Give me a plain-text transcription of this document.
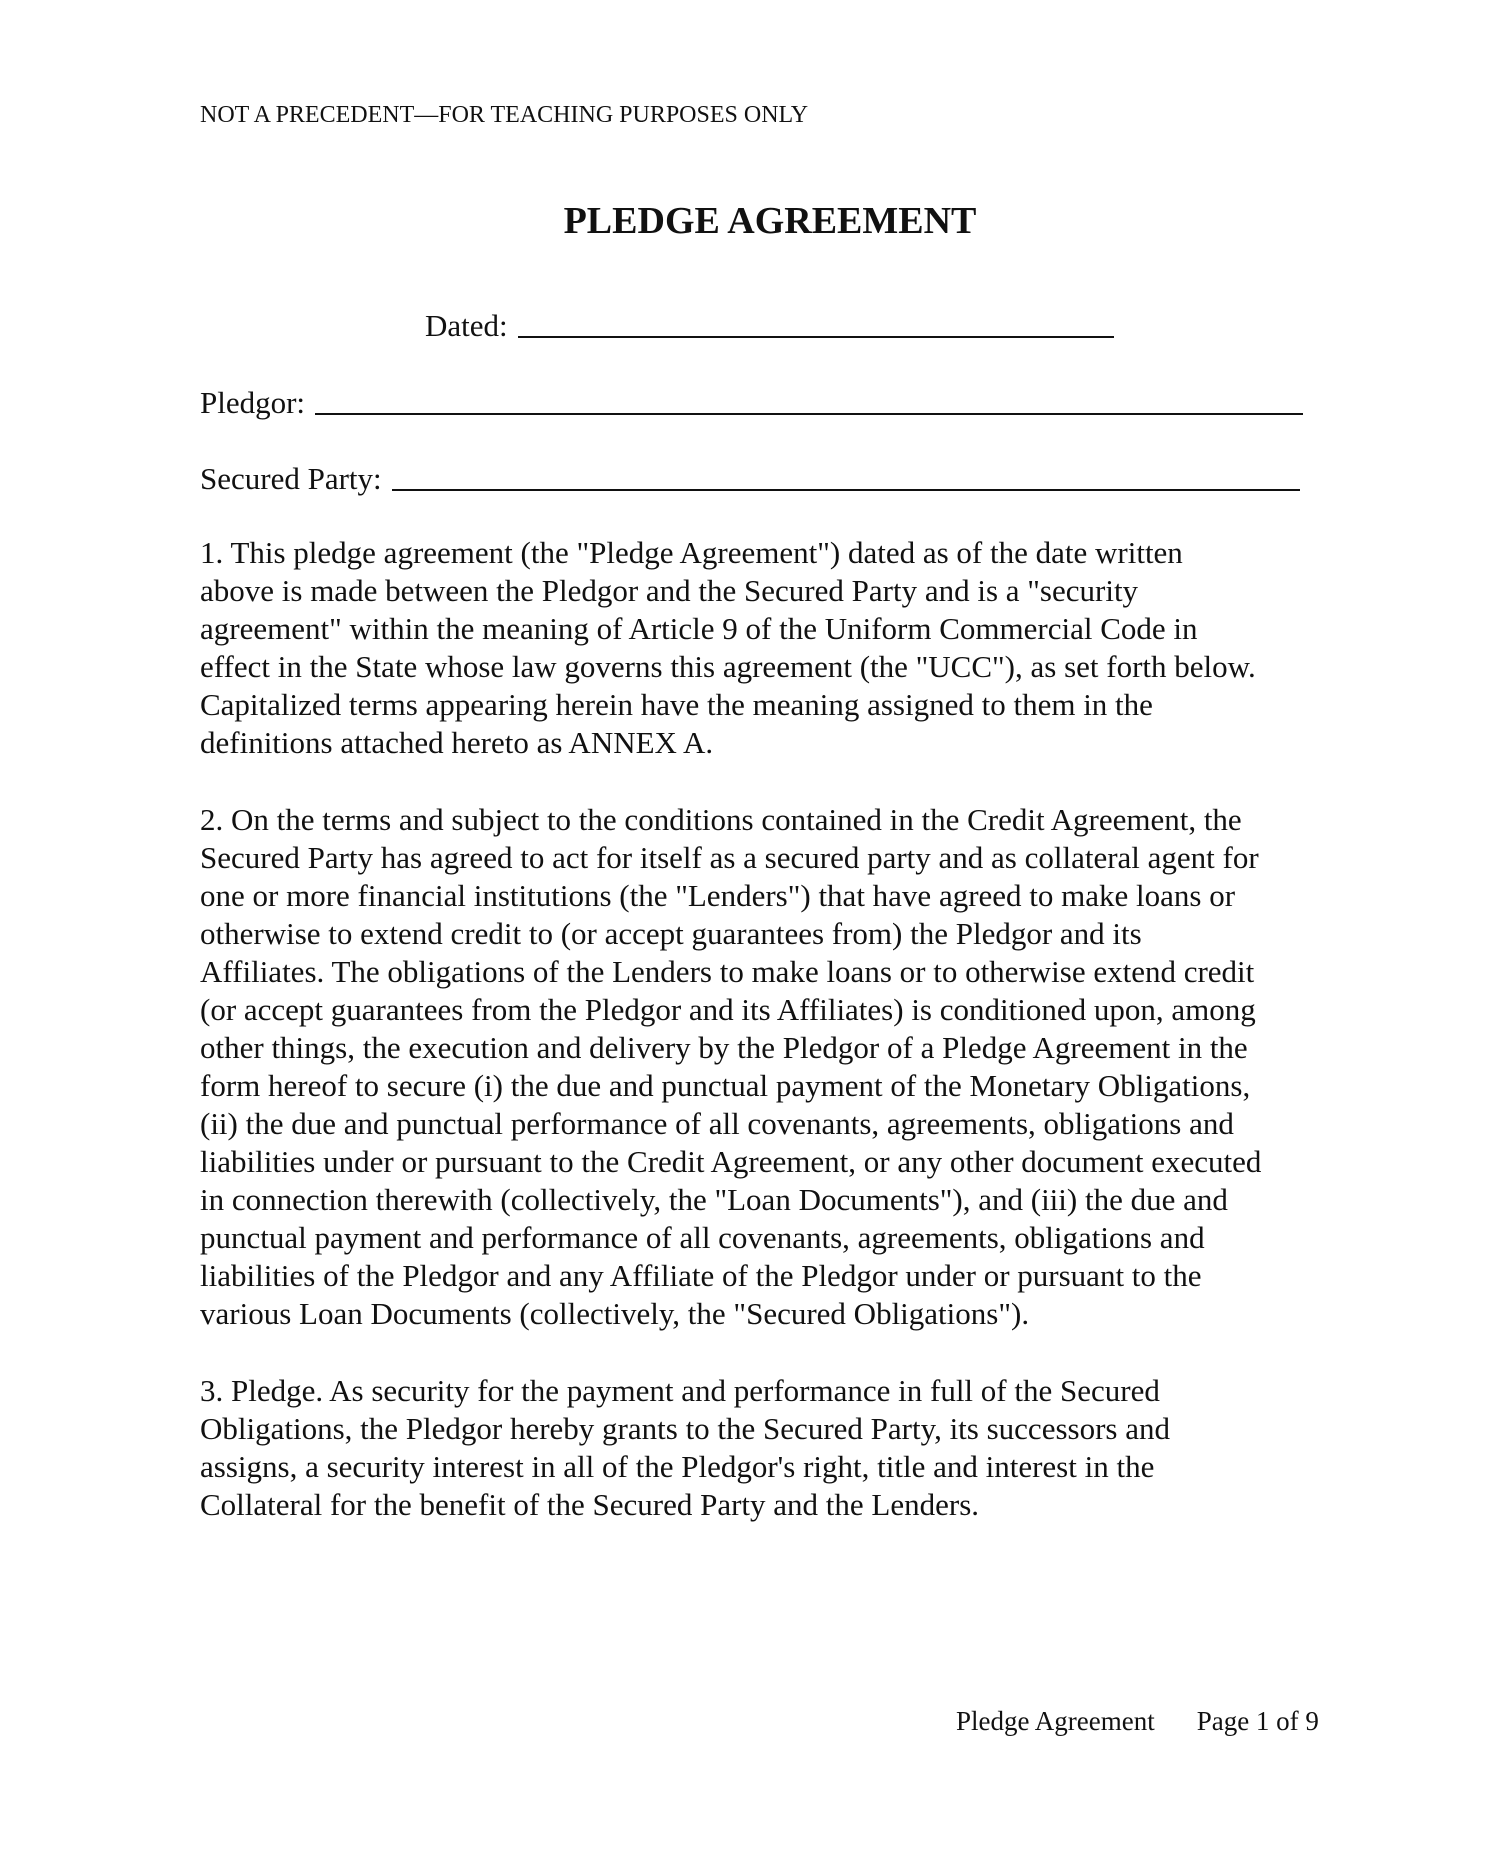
NOT A PRECEDENT—FOR TEACHING PURPOSES ONLY
PLEDGE AGREEMENT
Dated:
Pledgor:
Secured Party:
1. This pledge agreement (the "Pledge Agreement") dated as of the date written
above is made between the Pledgor and the Secured Party and is a "security
agreement" within the meaning of Article 9 of the Uniform Commercial Code in
effect in the State whose law governs this agreement (the "UCC"), as set forth below.
Capitalized terms appearing herein have the meaning assigned to them in the
definitions attached hereto as ANNEX A.
2. On the terms and subject to the conditions contained in the Credit Agreement, the
Secured Party has agreed to act for itself as a secured party and as collateral agent for
one or more financial institutions (the "Lenders") that have agreed to make loans or
otherwise to extend credit to (or accept guarantees from) the Pledgor and its
Affiliates. The obligations of the Lenders to make loans or to otherwise extend credit
(or accept guarantees from the Pledgor and its Affiliates) is conditioned upon, among
other things, the execution and delivery by the Pledgor of a Pledge Agreement in the
form hereof to secure (i) the due and punctual payment of the Monetary Obligations,
(ii) the due and punctual performance of all covenants, agreements, obligations and
liabilities under or pursuant to the Credit Agreement, or any other document executed
in connection therewith (collectively, the "Loan Documents"), and (iii) the due and
punctual payment and performance of all covenants, agreements, obligations and
liabilities of the Pledgor and any Affiliate of the Pledgor under or pursuant to the
various Loan Documents (collectively, the "Secured Obligations").
3. Pledge. As security for the payment and performance in full of the Secured
Obligations, the Pledgor hereby grants to the Secured Party, its successors and
assigns, a security interest in all of the Pledgor's right, title and interest in the
Collateral for the benefit of the Secured Party and the Lenders.
Pledge Agreement Page 1 of 9
